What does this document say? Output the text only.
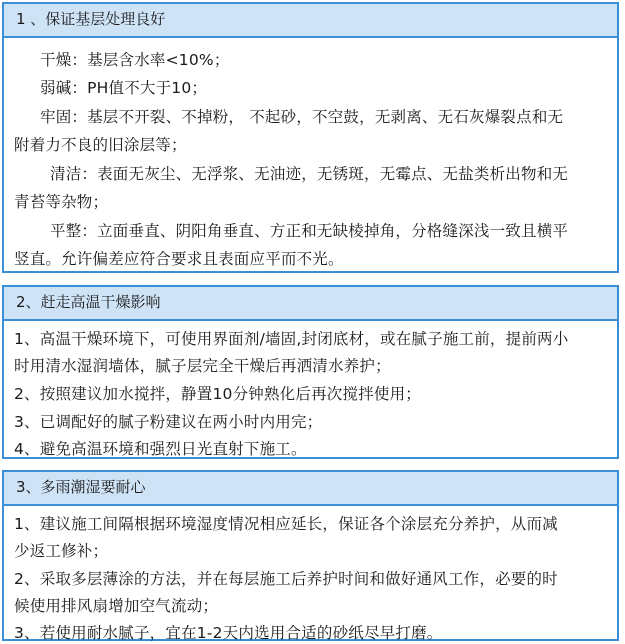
1 、保证基层处理良好
干燥：基层含水率<10%；
弱碱：PH值不大于10；
牢固：基层不开裂、不掉粉， 不起砂，不空鼓，无剥离、无石灰爆裂点和无
附着力不良的旧涂层等；
清洁：表面无灰尘、无浮浆、无油迹，无锈斑，无霉点、无盐类析出物和无
青苔等杂物；
平整：立面垂直、阴阳角垂直、方正和无缺棱掉角，分格缝深浅一致且横平
竖直。允许偏差应符合要求且表面应平而不光。
2、赶走高温干燥影响
1、高温干燥环境下，可使用界面剂/墙固,封闭底材，或在腻子施工前，提前两小
时用清水湿润墙体，腻子层完全干燥后再洒清水养护；
2、按照建议加水搅拌，静置10分钟熟化后再次搅拌使用；
3、已调配好的腻子粉建议在两小时内用完；
4、避免高温环境和强烈日光直射下施工。
3、多雨潮湿要耐心
1、建议施工间隔根据环境湿度情况相应延长，保证各个涂层充分养护，从而减
少返工修补；
2、采取多层薄涂的方法，并在每层施工后养护时间和做好通风工作，必要的时
候使用排风扇增加空气流动；
3、若使用耐水腻子，宜在1-2天内选用合适的砂纸尽早打磨。
